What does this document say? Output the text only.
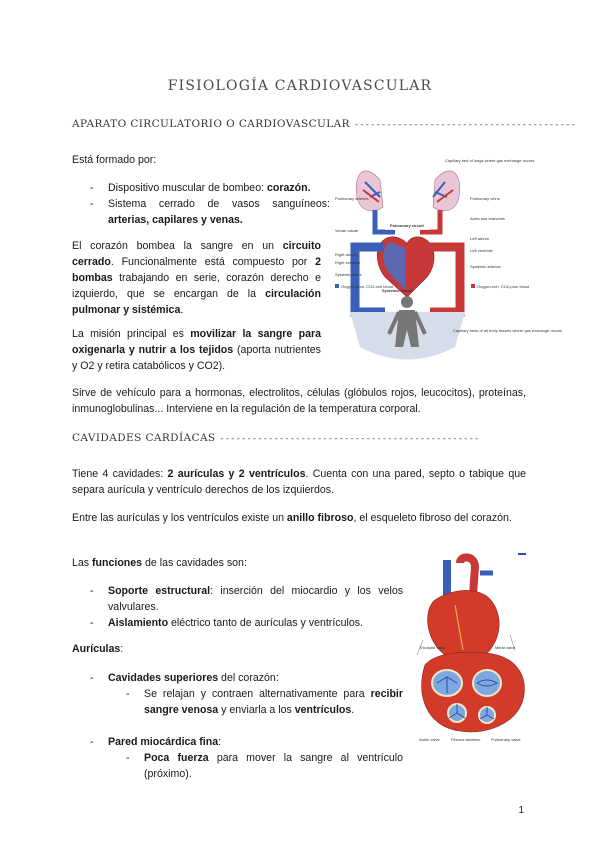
FISIOLOGÍA CARDIOVASCULAR
APARATO CIRCULATORIO O CARDIOVASCULAR -----------------------------------------
Está formado por:
- Dispositivo muscular de bombeo: corazón.
- Sistema cerrado de vasos sanguíneos: arterias, capilares y venas.
El corazón bombea la sangre en un circuito cerrado. Funcionalmente está compuesto por 2 bombas trabajando en serie, corazón derecho e izquierdo, que se encargan de la circulación pulmonar y sistémica.
La misión principal es movilizar la sangre para oxigenarla y nutrir a los tejidos (aporta nutrientes y O2 y retira catabólicos y CO2).
Pulmonary circuit
Systemic circuit
Capillary bed of lungs where gas exchange occurs
Pulmonary arteries	Pulmonary veins
Aorta and branches
Venae cavae
Left atrium
Left ventricle
Right atrium
Right ventricle
Systemic arteries
Systemic veins
Oxygen-poor, CO2-rich blood	Oxygen-rich, CO2-poor blood
Capillary beds of all body tissues where gas exchange occurs
Sirve de vehículo para a hormonas, electrolitos, células (glóbulos rojos, leucocitos), proteínas, inmunoglobulinas... Interviene en la regulación de la temperatura corporal.
CAVIDADES CARDÍACAS ------------------------------------------------
Tiene 4 cavidades: 2 aurículas y 2 ventrículos. Cuenta con una pared, septo o tabique que separa aurícula y ventrículo derechos de los izquierdos.
Entre las aurículas y los ventrículos existe un anillo fibroso, el esqueleto fibroso del corazón.
Las funciones de las cavidades son:
- Soporte estructural: inserción del miocardio y los velos valvulares.
- Aislamiento eléctrico tanto de aurículas y ventrículos.
Aurículas:
- Cavidades superiores del corazón:
- Se relajan y contraen alternativamente para recibir sangre venosa y enviarla a los ventrículos.
- Pared miocárdica fina:
- Poca fuerza para mover la sangre al ventrículo (próximo).
Tricuspid valve	Mitral valve
Aortic valve	Fibrous skeleton	Pulmonary valve
1
